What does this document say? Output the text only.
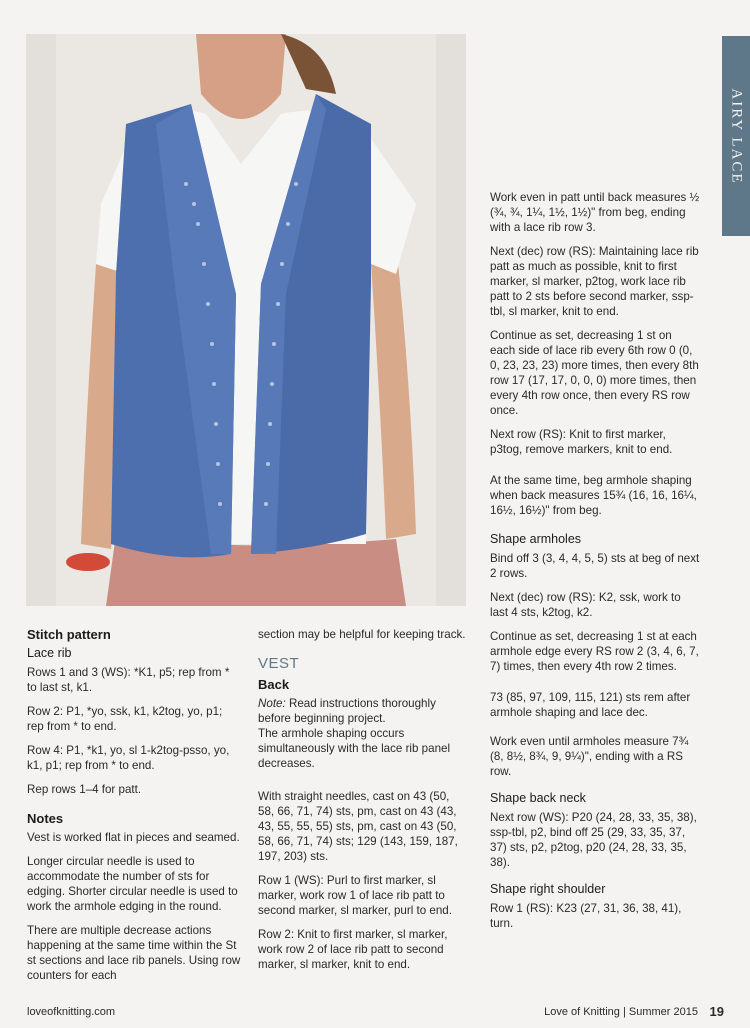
AIRY LACE
Stitch pattern
Lace rib

Rows 1 and 3 (WS): *K1, p5; rep from * to last st, k1.

Row 2: P1, *yo, ssk, k1, k2tog, yo, p1; rep from * to end.

Row 4: P1, *k1, yo, sl 1-k2tog-psso, yo, k1, p1; rep from * to end.

Rep rows 1–4 for patt.

Notes

Vest is worked flat in pieces and seamed.

Longer circular needle is used to accommodate the number of sts for edging. Shorter circular needle is used to work the armhole edging in the round.

There are multiple decrease actions happening at the same time within the St st sections and lace rib panels. Using row counters for each

section may be helpful for keeping track.

VEST
Back

Note: Read instructions thoroughly before beginning project.

The armhole shaping occurs simultaneously with the lace rib panel decreases.

With straight needles, cast on 43 (50, 58, 66, 71, 74) sts, pm, cast on 43 (43, 43, 55, 55, 55) sts, pm, cast on 43 (50, 58, 66, 71, 74) sts; 129 (143, 159, 187, 197, 203) sts.

Row 1 (WS): Purl to first marker, sl marker, work row 1 of lace rib patt to second marker, sl marker, purl to end.

Row 2: Knit to first marker, sl marker, work row 2 of lace rib patt to second marker, sl marker, knit to end.

Work even in patt until back measures ½ (¾, ¾, 1¼, 1½, 1½)" from beg, ending with a lace rib row 3.

Next (dec) row (RS): Maintaining lace rib patt as much as possible, knit to first marker, sl marker, p2tog, work lace rib patt to 2 sts before second marker, ssp-tbl, sl marker, knit to end.

Continue as set, decreasing 1 st on each side of lace rib every 6th row 0 (0, 0, 23, 23, 23) more times, then every 8th row 17 (17, 17, 0, 0, 0) more times, then every 4th row once, then every RS row once.

Next row (RS): Knit to first marker, p3tog, remove markers, knit to end.

At the same time, beg armhole shaping when back measures 15¾ (16, 16, 16¼, 16½, 16½)" from beg.

Shape armholes

Bind off 3 (3, 4, 4, 5, 5) sts at beg of next 2 rows.

Next (dec) row (RS): K2, ssk, work to last 4 sts, k2tog, k2.

Continue as set, decreasing 1 st at each armhole edge every RS row 2 (3, 4, 6, 7, 7) times, then every 4th row 2 times.

73 (85, 97, 109, 115, 121) sts rem after armhole shaping and lace dec.

Work even until armholes measure 7¾ (8, 8½, 8¾, 9, 9¼)", ending with a RS row.

Shape back neck

Next row (WS): P20 (24, 28, 33, 35, 38), ssp-tbl, p2, bind off 25 (29, 33, 35, 37, 37) sts, p2, p2tog, p20 (24, 28, 33, 35, 38).

Shape right shoulder

Row 1 (RS): K23 (27, 31, 36, 38, 41), turn.

loveofknitting.com	Love of Knitting | Summer 2015 19
